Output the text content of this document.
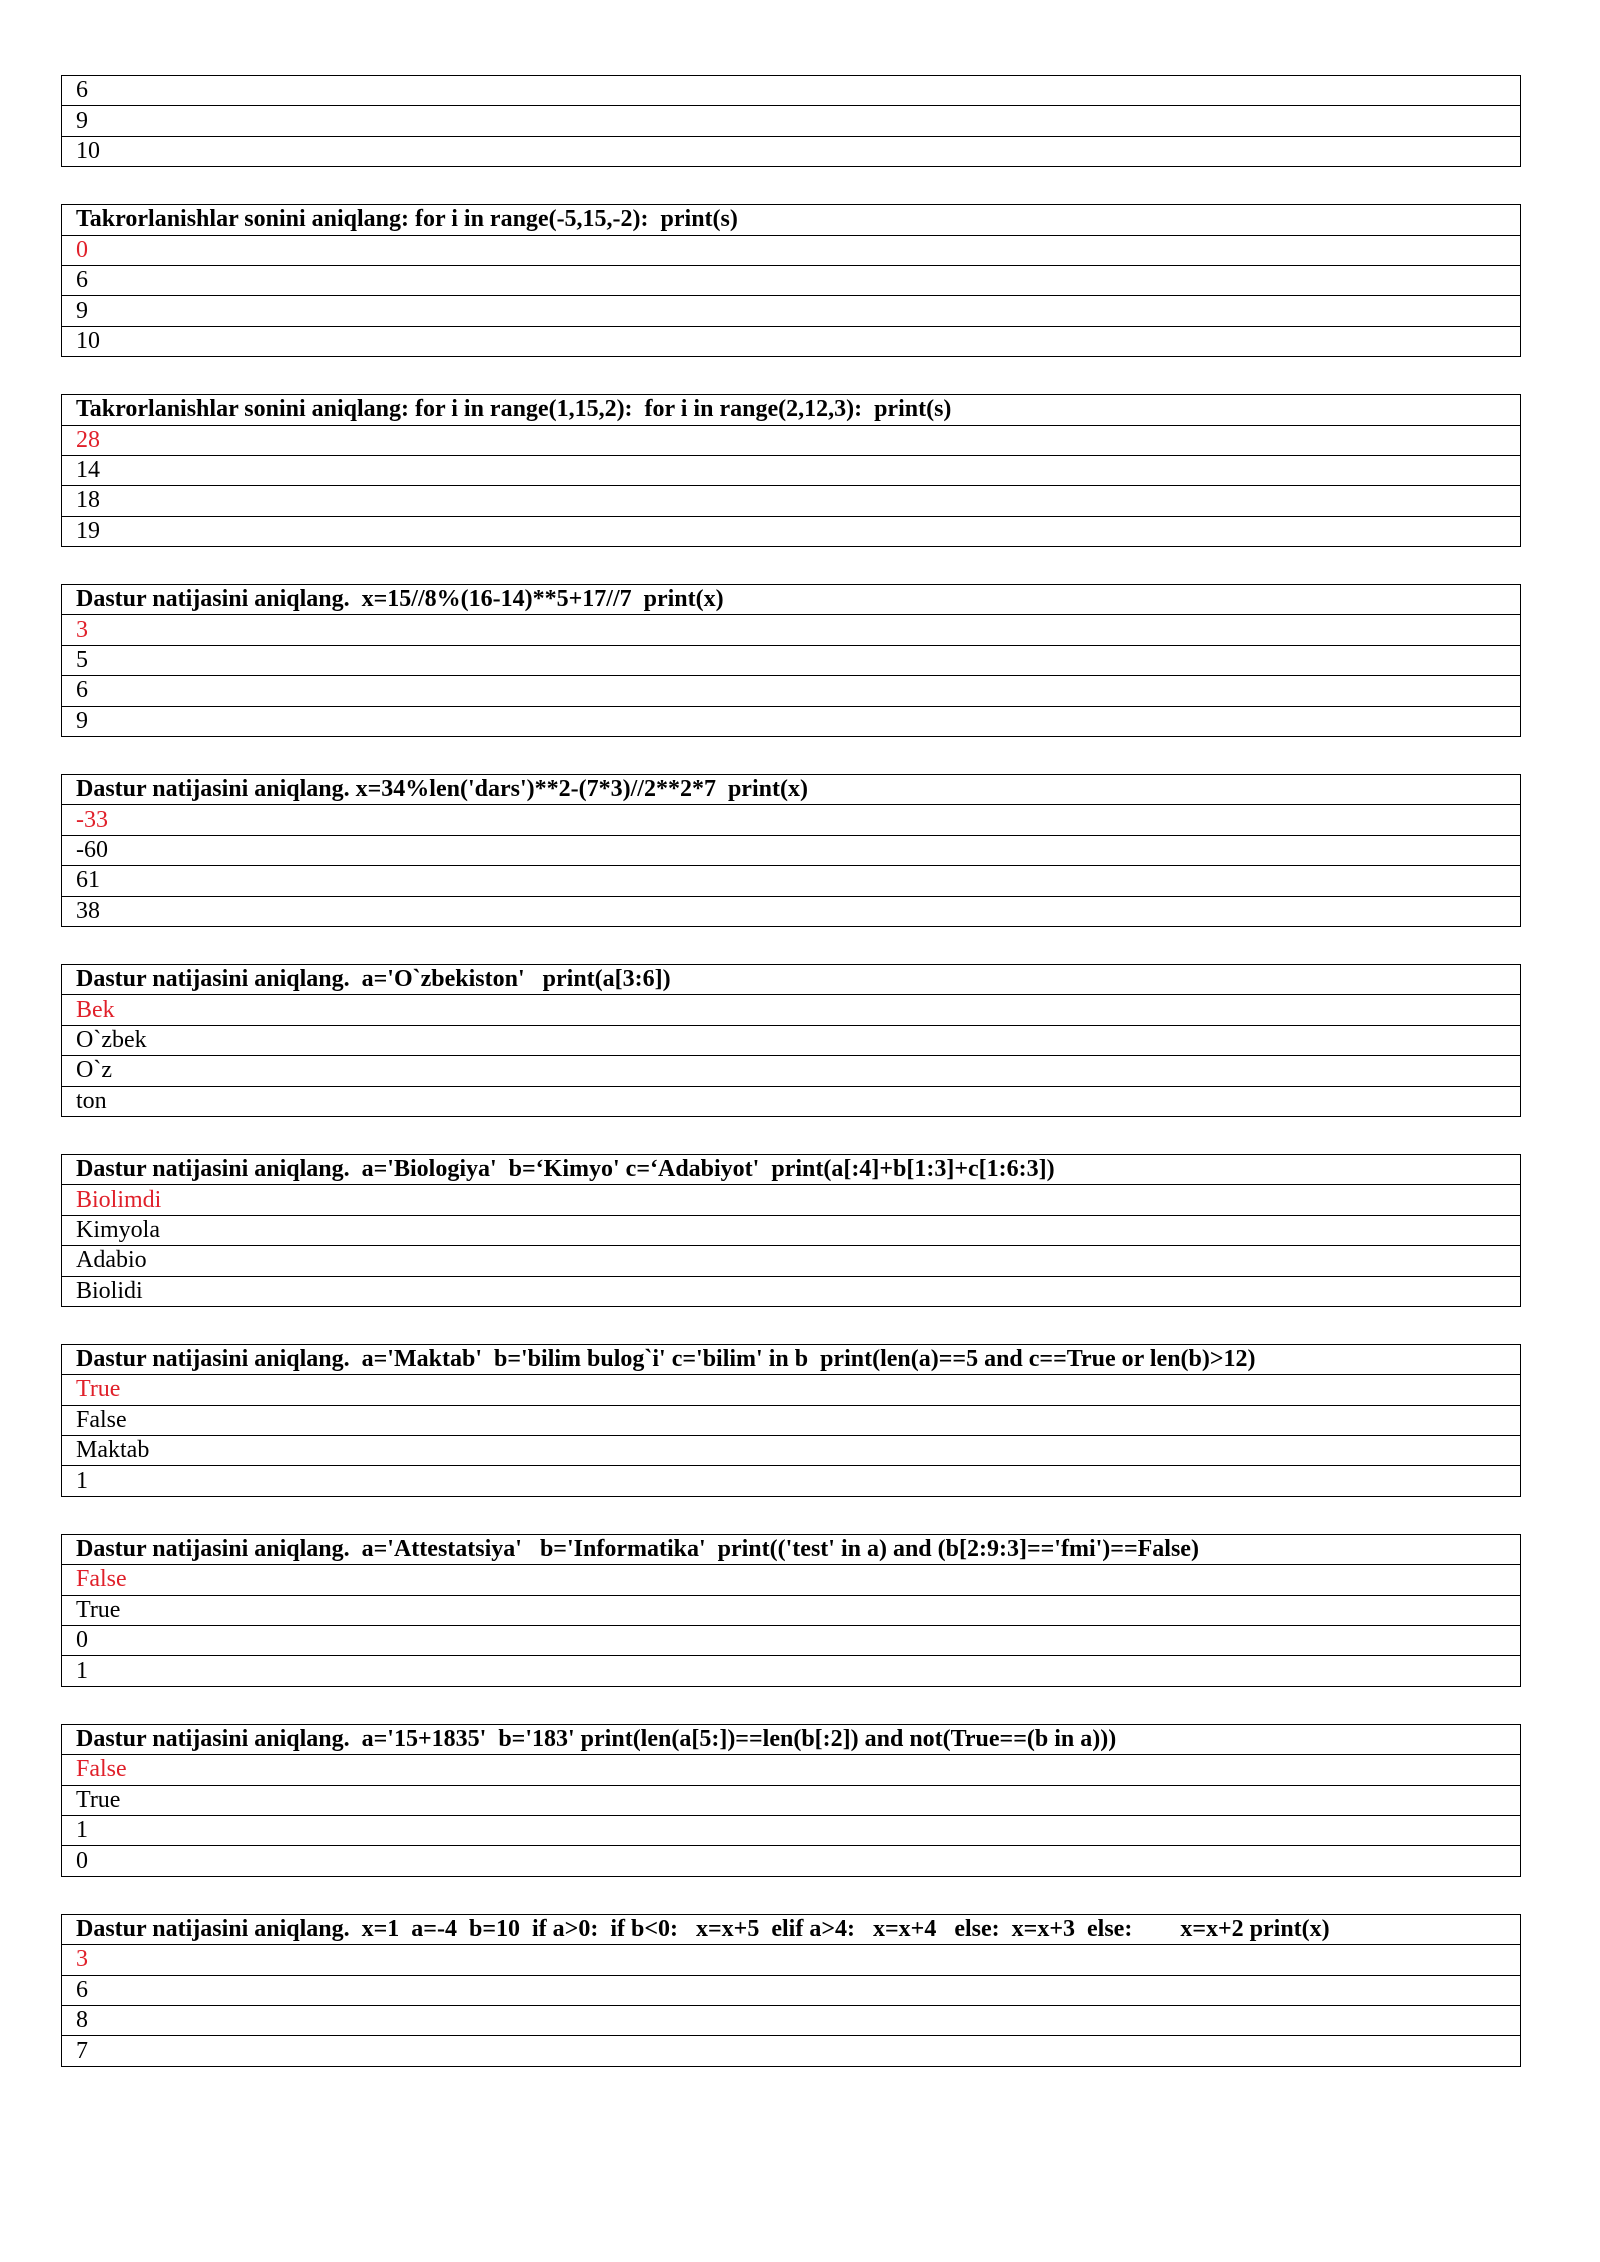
6
9
10
Takrorlanishlar sonini aniqlang: for i in range(-5,15,-2):  print(s)
0
6
9
10
Takrorlanishlar sonini aniqlang: for i in range(1,15,2):  for i in range(2,12,3):  print(s)
28
14
18
19
Dastur natijasini aniqlang.  x=15//8%(16-14)**5+17//7  print(x)
3
5
6
9
Dastur natijasini aniqlang. x=34%len('dars')**2-(7*3)//2**2*7  print(x)
-33
-60
61
38
Dastur natijasini aniqlang.  a='O`zbekiston'   print(a[3:6])
Bek
O`zbek
O`z
ton
Dastur natijasini aniqlang.  a='Biologiya'  b=‘Kimyo' c=‘Adabiyot'  print(a[:4]+b[1:3]+c[1:6:3])
Biolimdi
Kimyola
Adabio
Biolidi
Dastur natijasini aniqlang.  a='Maktab'  b='bilim bulog`i' c='bilim' in b  print(len(a)==5 and c==True or len(b)>12)
True
False
Maktab
1
Dastur natijasini aniqlang.  a='Attestatsiya'   b='Informatika'  print(('test' in a) and (b[2:9:3]=='fmi')==False)
False
True
0
1
Dastur natijasini aniqlang.  a='15+1835'  b='183' print(len(a[5:])==len(b[:2]) and not(True==(b in a)))
False
True
1
0
Dastur natijasini aniqlang.  x=1  a=-4  b=10  if a>0:  if b<0:   x=x+5  elif a>4:   x=x+4   else:  x=x+3  else:        x=x+2 print(x)
3
6
8
7
